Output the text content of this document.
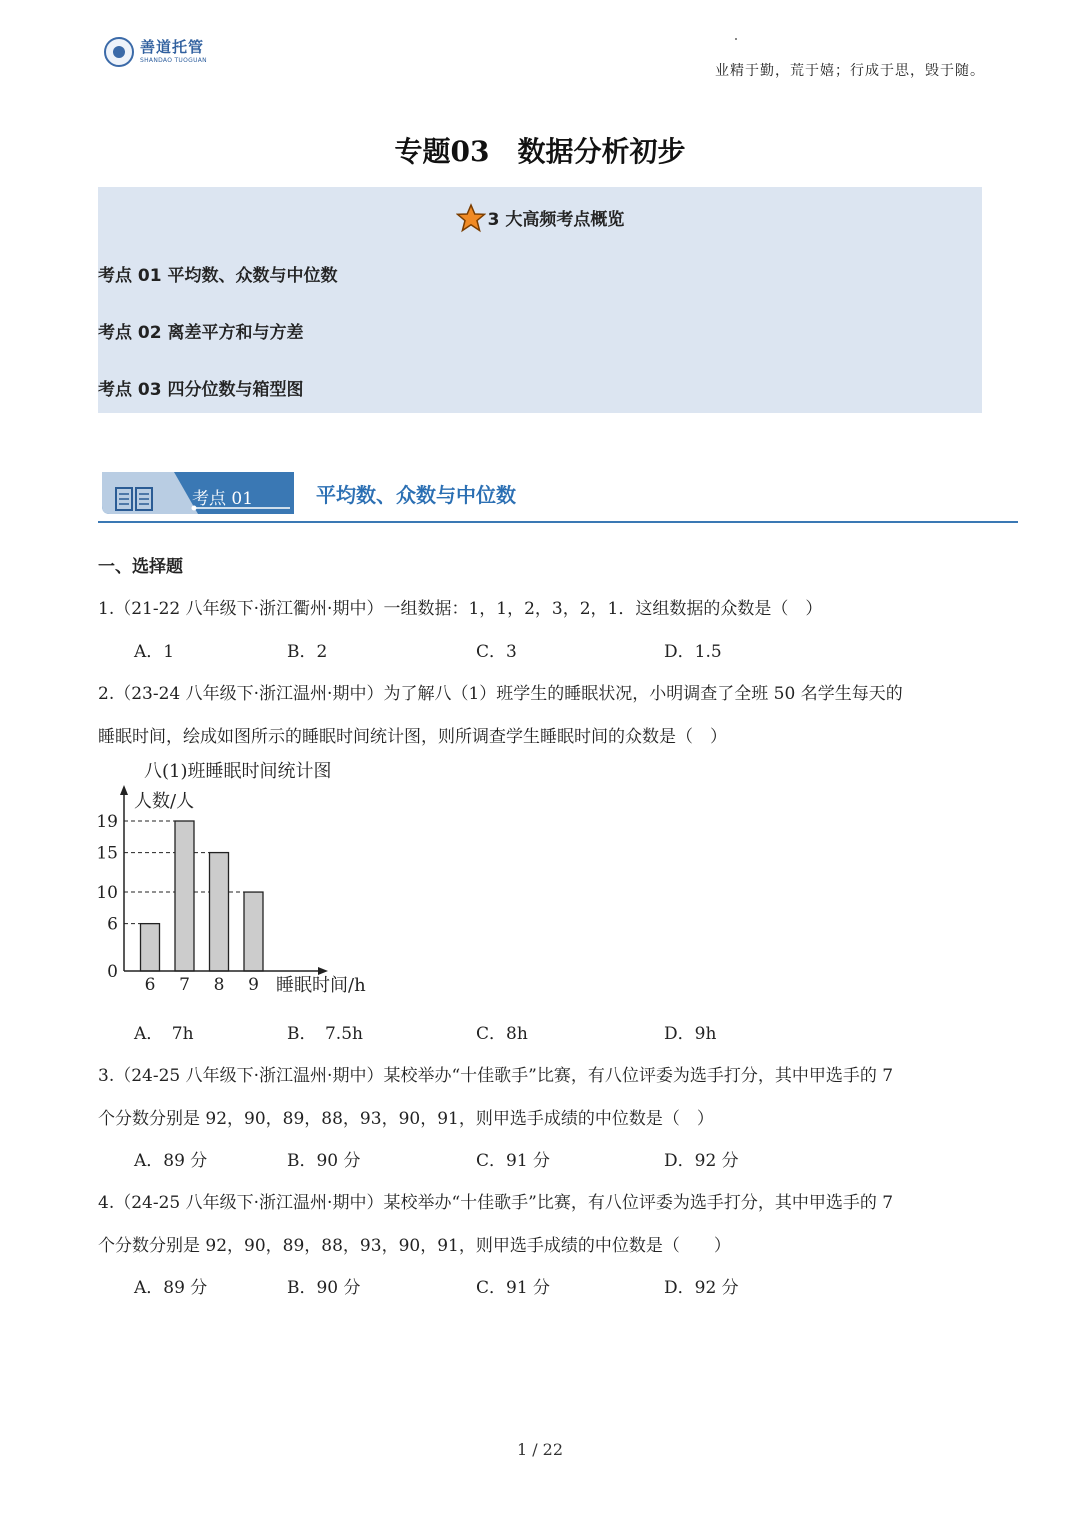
善道托管
SHANDAO TUOGUAN
业精于勤，荒于嬉；行成于思，毁于随。
专题03　数据分析初步
3 大高频考点概览
考点 01 平均数、众数与中位数
考点 02 离差平方和与方差
考点 03 四分位数与箱型图
考点 01	平均数、众数与中位数
一、选择题
1.（21-22 八年级下·浙江衢州·期中）一组数据：1，1，2，3，2，1．这组数据的众数是（　）
A．1	B．2	C．3	D．1.5
2.（23-24 八年级下·浙江温州·期中）为了解八（1）班学生的睡眠状况，小明调查了全班 50 名学生每天的
睡眠时间，绘成如图所示的睡眠时间统计图，则所调查学生睡眠时间的众数是（　）
八(1)班睡眠时间统计图
人数/人
睡眠时间/h
6 7 8 9
0
6
10
15
19
A．　7h	B．　7.5h	C．8h	D．9h
3.（24-25 八年级下·浙江温州·期中）某校举办“十佳歌手”比赛，有八位评委为选手打分，其中甲选手的 7
个分数分别是 92，90，89，88，93，90，91，则甲选手成绩的中位数是（　）
A．89 分	B．90 分	C．91 分	D．92 分
4.（24-25 八年级下·浙江温州·期中）某校举办“十佳歌手”比赛，有八位评委为选手打分，其中甲选手的 7
个分数分别是 92，90，89，88，93，90，91，则甲选手成绩的中位数是（　　）
A．89 分	B．90 分	C．91 分	D．92 分
1 / 22
